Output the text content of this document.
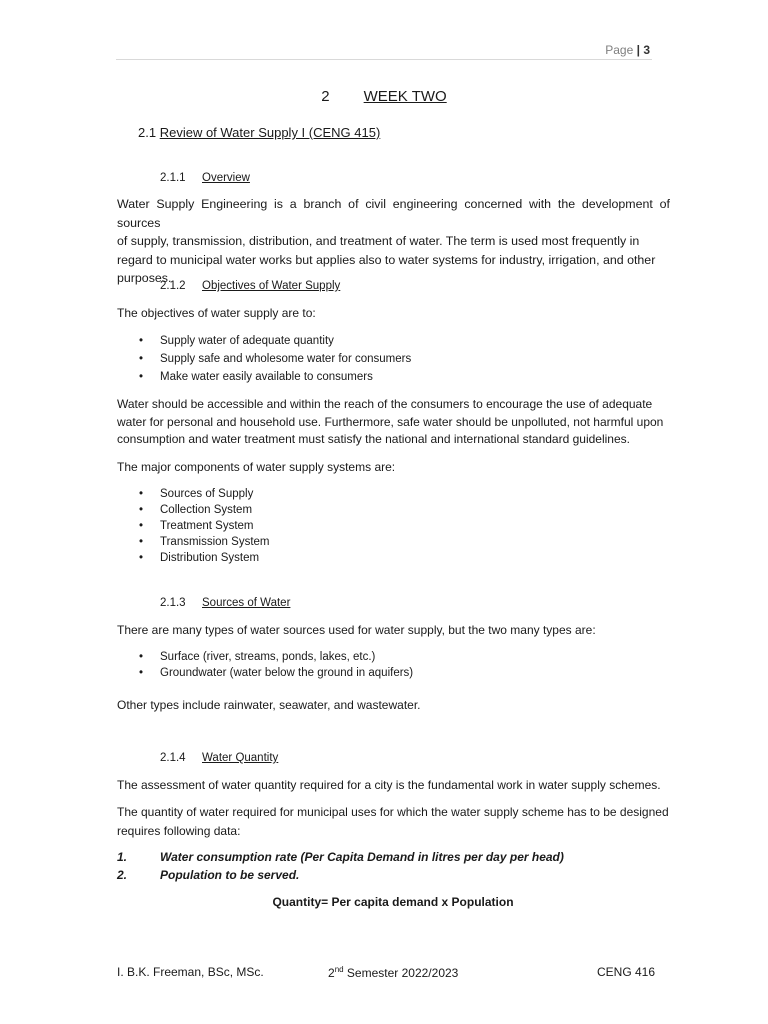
Page | 3
2 WEEK TWO
2.1 Review of Water Supply I (CENG 415)
2.1.1 Overview
Water Supply Engineering is a branch of civil engineering concerned with the development of sources
of supply, transmission, distribution, and treatment of water. The term is used most frequently in
regard to municipal water works but applies also to water systems for industry, irrigation, and other
purposes.
2.1.2 Objectives of Water Supply
The objectives of water supply are to:
• Supply water of adequate quantity
• Supply safe and wholesome water for consumers
• Make water easily available to consumers
Water should be accessible and within the reach of the consumers to encourage the use of adequate
water for personal and household use. Furthermore, safe water should be unpolluted, not harmful upon
consumption and water treatment must satisfy the national and international standard guidelines.
The major components of water supply systems are:
• Sources of Supply
• Collection System
• Treatment System
• Transmission System
• Distribution System
2.1.3 Sources of Water
There are many types of water sources used for water supply, but the two many types are:
• Surface (river, streams, ponds, lakes, etc.)
• Groundwater (water below the ground in aquifers)
Other types include rainwater, seawater, and wastewater.
2.1.4 Water Quantity
The assessment of water quantity required for a city is the fundamental work in water supply schemes.
The quantity of water required for municipal uses for which the water supply scheme has to be designed
requires following data:
1.	Water consumption rate (Per Capita Demand in litres per day per head)
2.	Population to be served.
Quantity= Per capita demand x Population
I. B.K. Freeman, BSc, MSc.	2nd Semester 2022/2023	CENG 416
